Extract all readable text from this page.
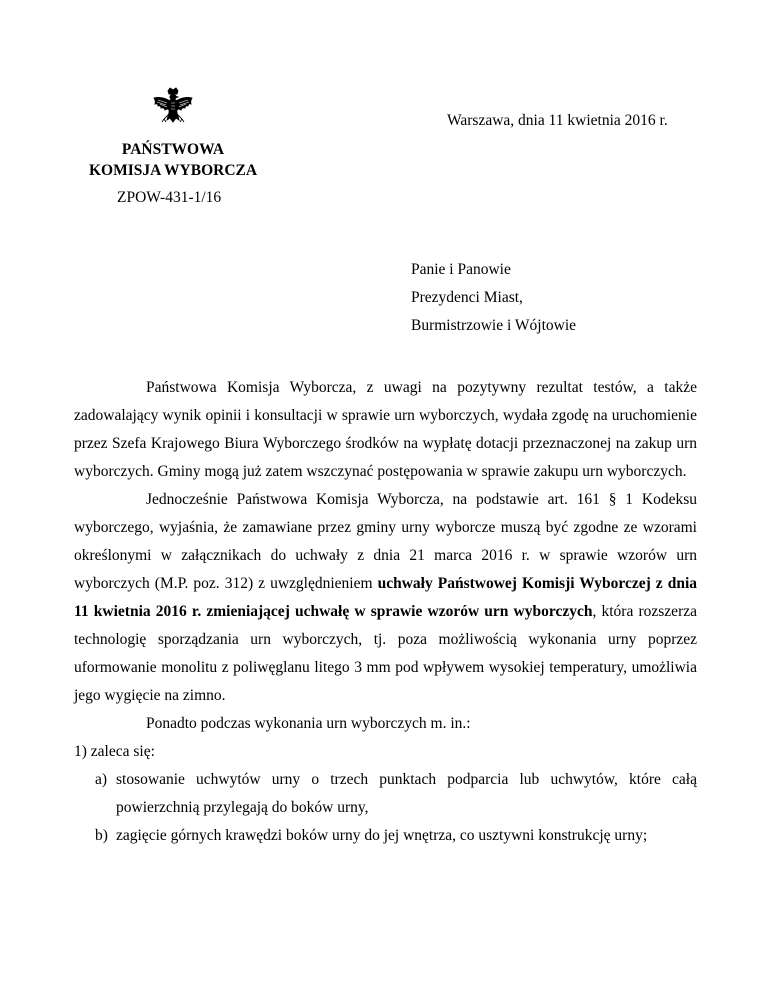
Warszawa, dnia 11 kwietnia 2016 r.
PAŃSTWOWA
KOMISJA WYBORCZA
ZPOW-431-1/16
Panie i Panowie
Prezydenci Miast,
Burmistrzowie i Wójtowie

Państwowa Komisja Wyborcza, z uwagi na pozytywny rezultat testów, a także zadowalający wynik opinii i konsultacji w sprawie urn wyborczych, wydała zgodę na uruchomienie przez Szefa Krajowego Biura Wyborczego środków na wypłatę dotacji przeznaczonej na zakup urn wyborczych. Gminy mogą już zatem wszczynać postępowania w sprawie zakupu urn wyborczych.

Jednocześnie Państwowa Komisja Wyborcza, na podstawie art. 161 § 1 Kodeksu wyborczego, wyjaśnia, że zamawiane przez gminy urny wyborcze muszą być zgodne ze wzorami określonymi w załącznikach do uchwały z dnia 21 marca 2016 r. w sprawie wzorów urn wyborczych (M.P. poz. 312) z uwzględnieniem uchwały Państwowej Komisji Wyborczej z dnia 11 kwietnia 2016 r. zmieniającej uchwałę w sprawie wzorów urn wyborczych, która rozszerza technologię sporządzania urn wyborczych, tj. poza możliwością wykonania urny poprzez uformowanie monolitu z poliwęglanu litego 3 mm pod wpływem wysokiej temperatury, umożliwia jego wygięcie na zimno.

Ponadto podczas wykonania urn wyborczych m. in.:

1) zaleca się:

a) stosowanie uchwytów urny o trzech punktach podparcia lub uchwytów, które całą powierzchnią przylegają do boków urny,

b) zagięcie górnych krawędzi boków urny do jej wnętrza, co usztywni konstrukcję urny;
